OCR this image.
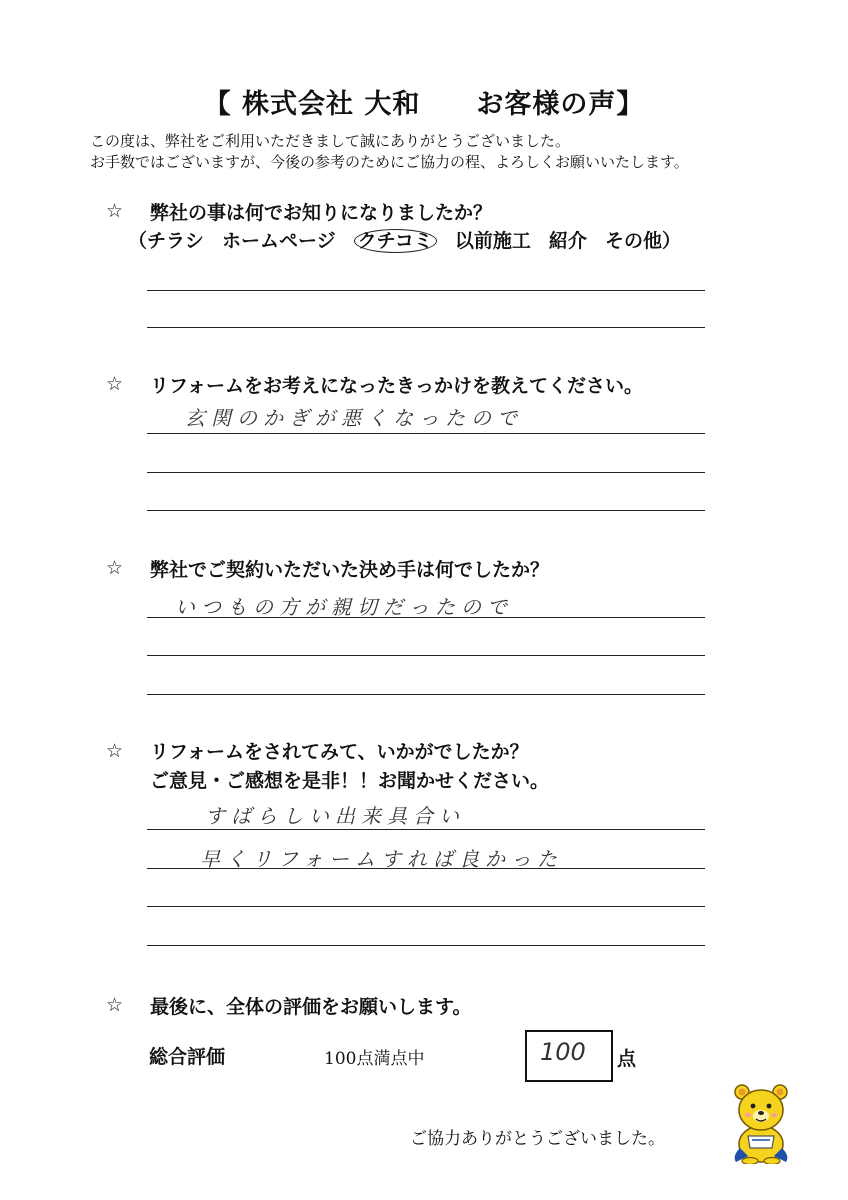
【 株式会社 大和　　お客様の声】
この度は、弊社をご利用いただきまして誠にありがとうございました。
お手数ではございますが、今後の参考のためにご協力の程、よろしくお願いいたします。
☆ 弊社の事は何でお知りになりましたか？
（チラシ ホームページ クチコミ 以前施工 紹介 その他）
☆ リフォームをお考えになったきっかけを教えてください。
玄関のかぎが悪くなったので
☆ 弊社でご契約いただいた決め手は何でしたか？
いつもの方が親切だったので
☆ リフォームをされてみて、いかがでしたか？
ご意見・ご感想を是非！！お聞かせください。
すばらしい出来具合い
早くリフォームすれば良かった
☆ 最後に、全体の評価をお願いします。
総合評価	100点満点中	100 点
ご協力ありがとうございました。
